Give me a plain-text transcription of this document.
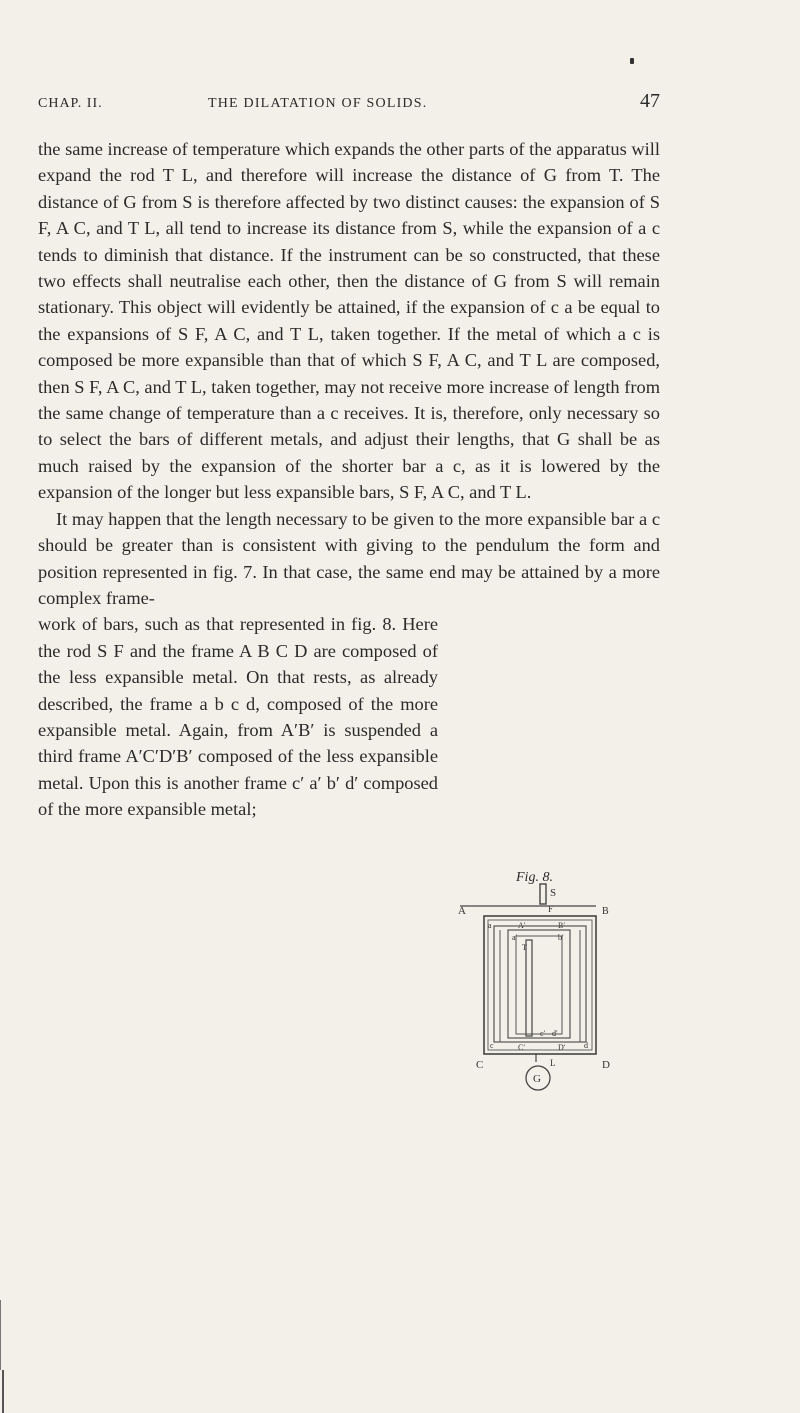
CHAP. II.	THE DILATATION OF SOLIDS.	47

the same increase of temperature which expands the other parts of the apparatus will expand the rod T L, and therefore will increase the distance of G from T. The distance of G from S is therefore affected by two distinct causes: the expansion of S F, A C, and T L, all tend to increase its distance from S, while the expansion of a c tends to diminish that distance. If the instrument can be so constructed, that these two effects shall neutralise each other, then the distance of G from S will remain stationary. This object will evidently be attained, if the expansion of c a be equal to the expansions of S F, A C, and T L, taken together. If the metal of which a c is composed be more expansible than that of which S F, A C, and T L are composed, then S F, A C, and T L, taken together, may not receive more increase of length from the same change of temperature than a c receives. It is, therefore, only necessary so to select the bars of different metals, and adjust their lengths, that G shall be as much raised by the expansion of the shorter bar a c, as it is lowered by the expansion of the longer but less expansible bars, S F, A C, and T L.

It may happen that the length necessary to be given to the more expansible bar a c should be greater than is consistent with giving to the pendulum the form and position represented in fig. 7. In that case, the same end may be attained by a more complex frame-

work of bars, such as that represented in fig. 8. Here the rod S F and the frame A B C D are composed of the less expansible metal. On that rests, as already described, the frame a b c d, composed of the more expansible metal. Again, from A′B′ is suspended a third frame A′C′D′B′ composed of the less expansible metal. Upon this is another frame c′ a′ b′ d′ composed of the more expansible metal;

Fig. 8.
S
F
A	B
a	A′	B′
a′	b′
T
c	C′
c′ d′
D′ d
C	D
L
G
